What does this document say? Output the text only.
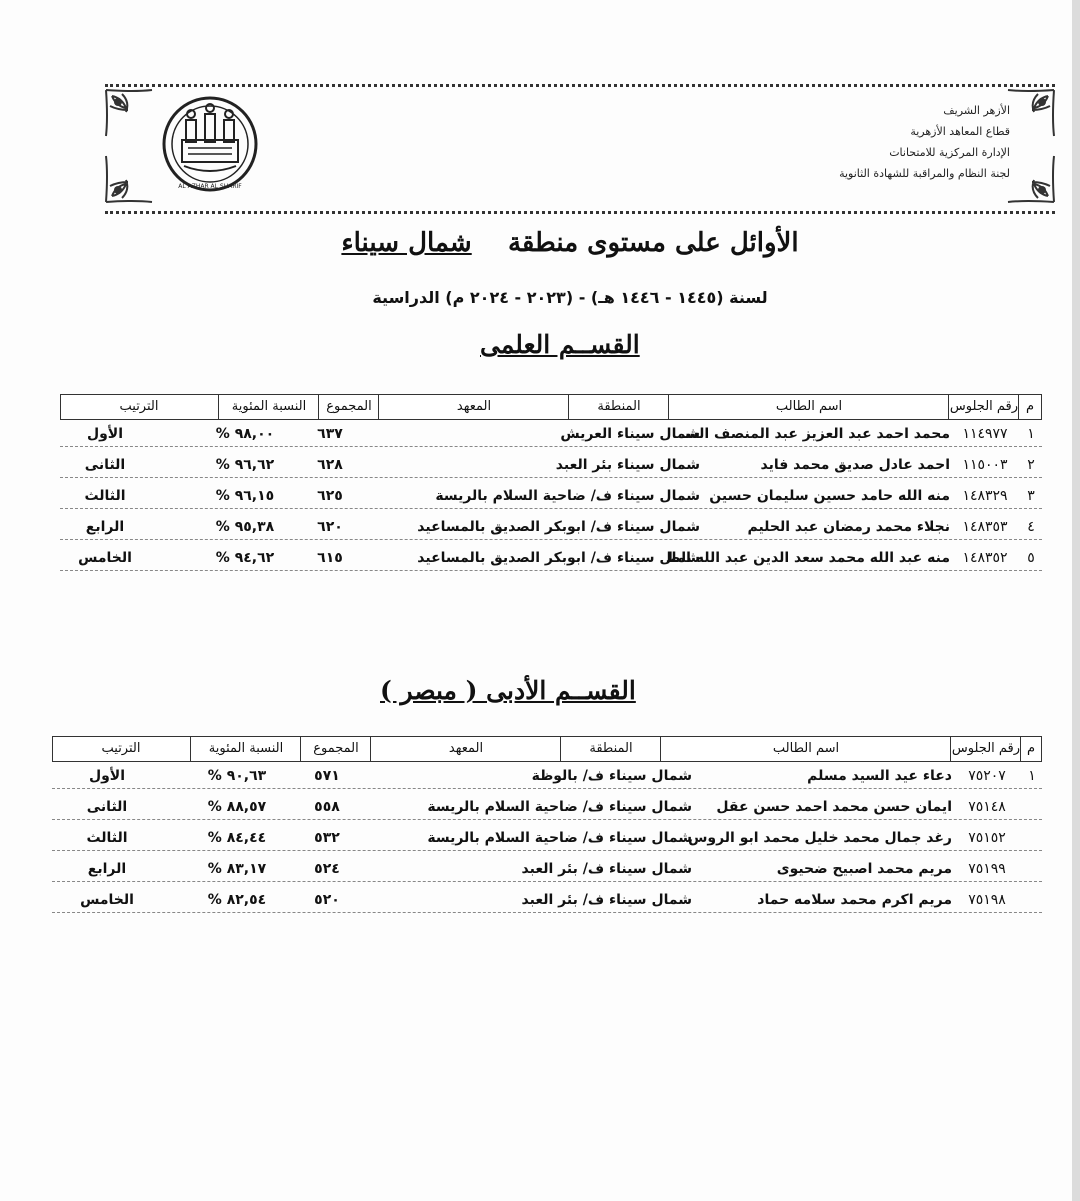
الأزهر الشريف
قطاع المعاهد الأزهرية
الإدارة المركزية للامتحانات
لجنة النظام والمراقبة للشهادة الثانوية
AL AZHAR AL SHARIF
الأوائل على مستوى منطقة    شمال سيناء
لسنة (١٤٤٥ - ١٤٤٦ هـ) - (٢٠٢٣ - ٢٠٢٤ م) الدراسية
القســم العلمى
م
رقم الجلوس
اسم الطالب
المنطقة
المعهد
المجموع
النسبة المئوية
الترتيب
١
١١٤٩٧٧
محمد احمد عبد العزيز عبد المنصف السـ
شمال سيناء العريش
٦٣٧
٩٨,٠٠ %
الأول
٢
١١٥٠٠٣
احمد عادل صديق محمد فايد
شمال سيناء بئر العبد
٦٢٨
٩٦,٦٢ %
الثانى
٣
١٤٨٣٢٩
منه الله حامد حسين سليمان حسين
شمال سيناء ف/ ضاحية السلام بالريسة
٦٢٥
٩٦,١٥ %
الثالث
٤
١٤٨٣٥٣
نجلاء محمد رمضان عبد الحليم
شمال سيناء ف/ ابوبكر الصديق بالمساعيد
٦٢٠
٩٥,٣٨ %
الرابع
٥
١٤٨٣٥٢
منه عبد الله محمد سعد الدين عبد الله الط
شمال سيناء ف/ ابوبكر الصديق بالمساعيد
٦١٥
٩٤,٦٢ %
الخامس
القســم الأدبى ( مبصر )
م
رقم الجلوس
اسم الطالب
المنطقة
المعهد
المجموع
النسبة المئوية
الترتيب
١
٧٥٢٠٧
دعاء عيد السيد مسلم
شمال سيناء ف/ بالوظة
٥٧١
٩٠,٦٣ %
الأول
٧٥١٤٨
ايمان حسن محمد احمد حسن عقل
شمال سيناء ف/ ضاحية السلام بالريسة
٥٥٨
٨٨,٥٧ %
الثانى
٧٥١٥٢
رغد جمال محمد خليل محمد ابو الروس
شمال سيناء ف/ ضاحية السلام بالريسة
٥٣٢
٨٤,٤٤ %
الثالث
٧٥١٩٩
مريم محمد اصبيح ضحيوى
شمال سيناء ف/ بئر العبد
٥٢٤
٨٣,١٧ %
الرابع
٧٥١٩٨
مريم اكرم محمد سلامه حماد
شمال سيناء ف/ بئر العبد
٥٢٠
٨٢,٥٤ %
الخامس
